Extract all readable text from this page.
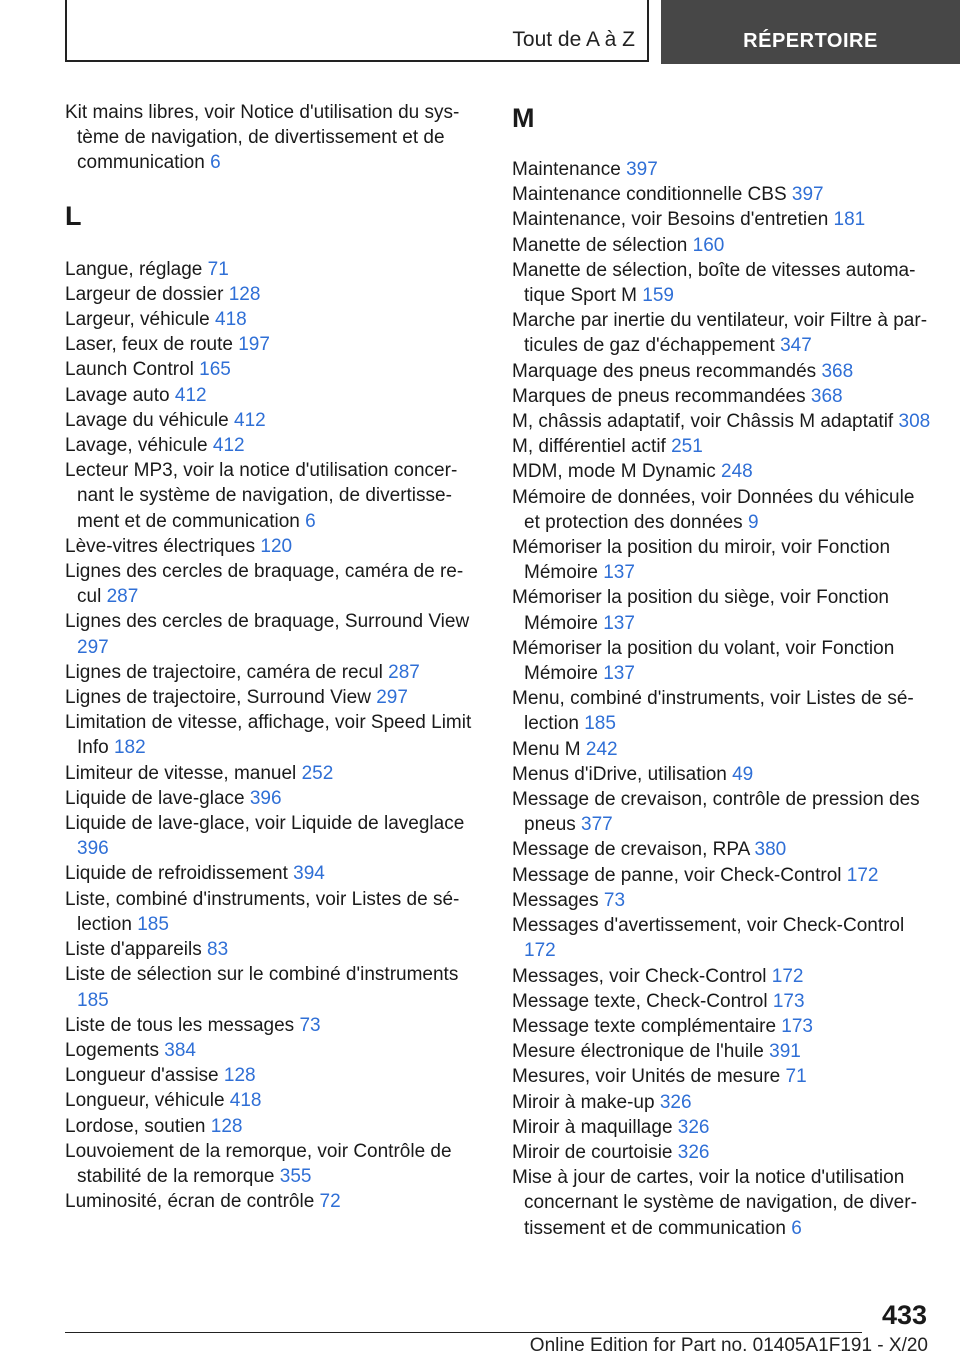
Tout de A à Z	RÉPERTOIRE
Kit mains libres, voir Notice d'utilisation du système de navigation, de divertissement et de communication 6
L
Langue, réglage 71
Largeur de dossier 128
Largeur, véhicule 418
Laser, feux de route 197
Launch Control 165
Lavage auto 412
Lavage du véhicule 412
Lavage, véhicule 412
Lecteur MP3, voir la notice d'utilisation concernant le système de navigation, de divertissement et de communication 6
Lève-vitres électriques 120
Lignes des cercles de braquage, caméra de recul 287
Lignes des cercles de braquage, Surround View 297
Lignes de trajectoire, caméra de recul 287
Lignes de trajectoire, Surround View 297
Limitation de vitesse, affichage, voir Speed Limit Info 182
Limiteur de vitesse, manuel 252
Liquide de lave-glace 396
Liquide de lave-glace, voir Liquide de laveglace 396
Liquide de refroidissement 394
Liste, combiné d'instruments, voir Listes de sélection 185
Liste d'appareils 83
Liste de sélection sur le combiné d'instruments 185
Liste de tous les messages 73
Logements 384
Longueur d'assise 128
Longueur, véhicule 418
Lordose, soutien 128
Louvoiement de la remorque, voir Contrôle de stabilité de la remorque 355
Luminosité, écran de contrôle 72
M
Maintenance 397
Maintenance conditionnelle CBS 397
Maintenance, voir Besoins d'entretien 181
Manette de sélection 160
Manette de sélection, boîte de vitesses automatique Sport M 159
Marche par inertie du ventilateur, voir Filtre à particules de gaz d'échappement 347
Marquage des pneus recommandés 368
Marques de pneus recommandées 368
M, châssis adaptatif, voir Châssis M adaptatif 308
M, différentiel actif 251
MDM, mode M Dynamic 248
Mémoire de données, voir Données du véhicule et protection des données 9
Mémoriser la position du miroir, voir Fonction Mémoire 137
Mémoriser la position du siège, voir Fonction Mémoire 137
Mémoriser la position du volant, voir Fonction Mémoire 137
Menu, combiné d'instruments, voir Listes de sélection 185
Menu M 242
Menus d'iDrive, utilisation 49
Message de crevaison, contrôle de pression des pneus 377
Message de crevaison, RPA 380
Message de panne, voir Check-Control 172
Messages 73
Messages d'avertissement, voir Check-Control 172
Messages, voir Check-Control 172
Message texte, Check-Control 173
Message texte complémentaire 173
Mesure électronique de l'huile 391
Mesures, voir Unités de mesure 71
Miroir à make-up 326
Miroir à maquillage 326
Miroir de courtoisie 326
Mise à jour de cartes, voir la notice d'utilisation concernant le système de navigation, de divertissement et de communication 6
433
Online Edition for Part no. 01405A1F191 - X/20
